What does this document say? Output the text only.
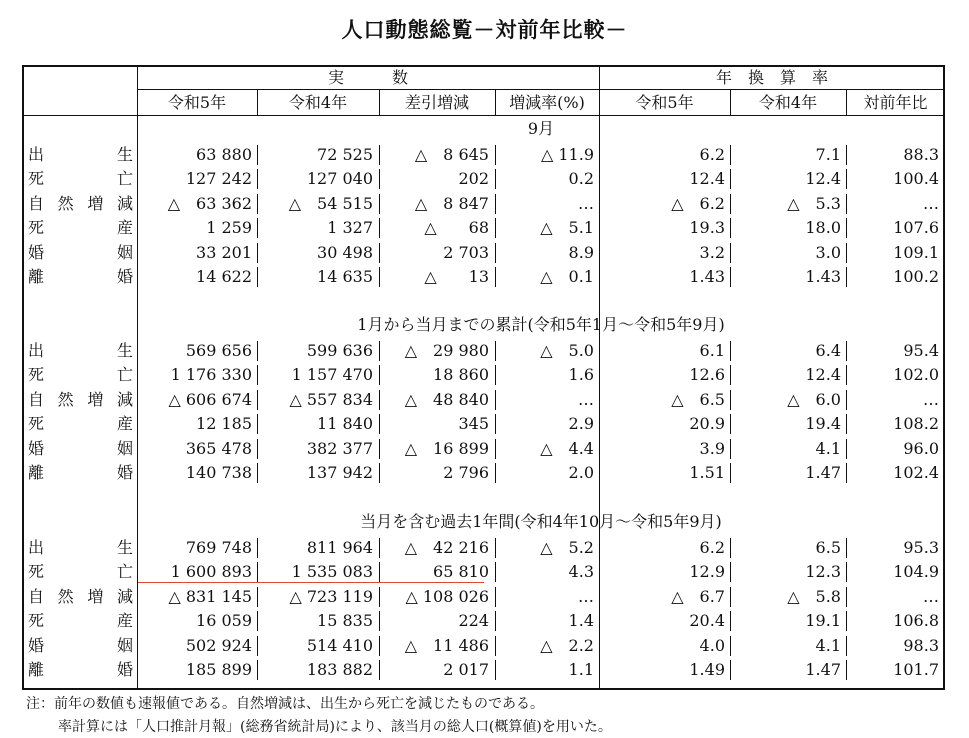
人口動態総覧－対前年比較－
実　　　数	年　換　算　率
令和5年	令和4年	差引増減	増減率(%)	令和5年	令和4年	対前年比
9月
出	生	63 880	72 525	△　8 645	△ 11.9	6.2	7.1	88.3
死	亡	127 242	127 040	202	0.2	12.4	12.4	100.4
自 然 増 減	△　63 362	△　54 515	△　8 847	…	△　6.2	△　5.3	…
死	産	1 259	1 327	△　　68	△　5.1	19.3	18.0	107.6
婚	姻	33 201	30 498	2 703	8.9	3.2	3.0	109.1
離	婚	14 622	14 635	△　　13	△　0.1	1.43	1.43	100.2
1月から当月までの累計(令和5年1月～令和5年9月)
出	生	569 656	599 636	△　29 980	△　5.0	6.1	6.4	95.4
死	亡	1 176 330	1 157 470	18 860	1.6	12.6	12.4	102.0
自 然 増 減	△ 606 674	△ 557 834	△　48 840	…	△　6.5	△　6.0	…
死	産	12 185	11 840	345	2.9	20.9	19.4	108.2
婚	姻	365 478	382 377	△　16 899	△　4.4	3.9	4.1	96.0
離	婚	140 738	137 942	2 796	2.0	1.51	1.47	102.4
当月を含む過去1年間(令和4年10月～令和5年9月)
出	生	769 748	811 964	△　42 216	△　5.2	6.2	6.5	95.3
死	亡	1 600 893	1 535 083	65 810	4.3	12.9	12.3	104.9
自 然 増 減	△ 831 145	△ 723 119	△ 108 026	…	△　6.7	△　5.8	…
死	産	16 059	15 835	224	1.4	20.4	19.1	106.8
婚	姻	502 924	514 410	△　11 486	△　2.2	4.0	4.1	98.3
離	婚	185 899	183 882	2 017	1.1	1.49	1.47	101.7
注：前年の数値も速報値である。自然増減は、出生から死亡を減じたものである。
率計算には「人口推計月報」(総務省統計局)により、該当月の総人口(概算値)を用いた。
